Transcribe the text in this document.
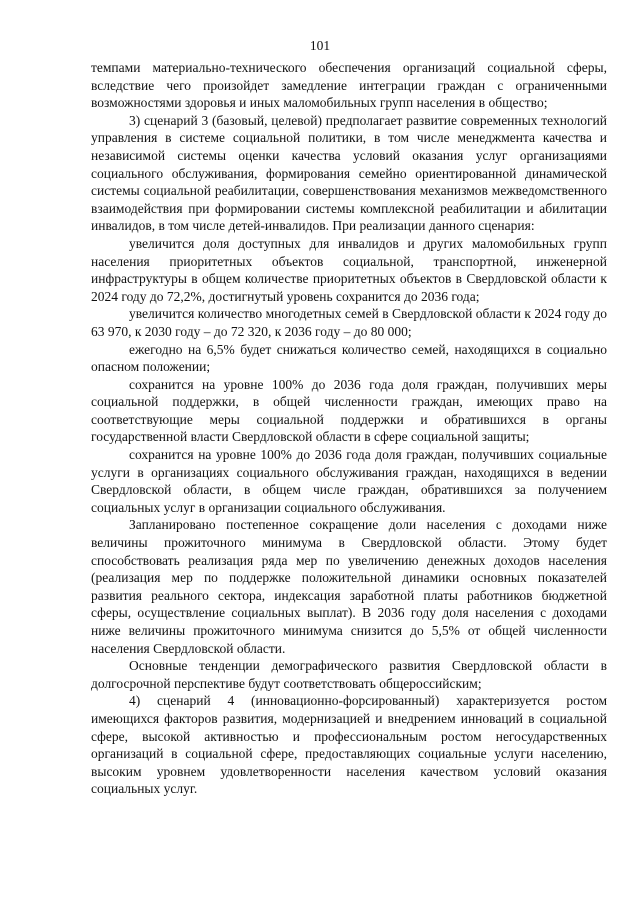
101

темпами материально-технического обеспечения организаций социальной сферы, вследствие чего произойдет замедление интеграции граждан с ограниченными возможностями здоровья и иных маломобильных групп населения в общество;

3) сценарий 3 (базовый, целевой) предполагает развитие современных технологий управления в системе социальной политики, в том числе менеджмента качества и независимой системы оценки качества условий оказания услуг организациями социального обслуживания, формирования семейно ориентированной динамической системы социальной реабилитации, совершенствования механизмов межведомственного взаимодействия при формировании системы комплексной реабилитации и абилитации инвалидов, в том числе детей-инвалидов. При реализации данного сценария:

увеличится доля доступных для инвалидов и других маломобильных групп населения приоритетных объектов социальной, транспортной, инженерной инфраструктуры в общем количестве приоритетных объектов в Свердловской области к 2024 году до 72,2%, достигнутый уровень сохранится до 2036 года;

увеличится количество многодетных семей в Свердловской области к 2024 году до 63 970, к 2030 году – до 72 320, к 2036 году – до 80 000;

ежегодно на 6,5% будет снижаться количество семей, находящихся в социально опасном положении;

сохранится на уровне 100% до 2036 года доля граждан, получивших меры социальной поддержки, в общей численности граждан, имеющих право на соответствующие меры социальной поддержки и обратившихся в органы государственной власти Свердловской области в сфере социальной защиты;

сохранится на уровне 100% до 2036 года доля граждан, получивших социальные услуги в организациях социального обслуживания граждан, находящихся в ведении Свердловской области, в общем числе граждан, обратившихся за получением социальных услуг в организации социального обслуживания.

Запланировано постепенное сокращение доли населения с доходами ниже величины прожиточного минимума в Свердловской области. Этому будет способствовать реализация ряда мер по увеличению денежных доходов населения (реализация мер по поддержке положительной динамики основных показателей развития реального сектора, индексация заработной платы работников бюджетной сферы, осуществление социальных выплат). В 2036 году доля населения с доходами ниже величины прожиточного минимума снизится до 5,5% от общей численности населения Свердловской области.

Основные тенденции демографического развития Свердловской области в долгосрочной перспективе будут соответствовать общероссийским;

4) сценарий 4 (инновационно-форсированный) характеризуется ростом имеющихся факторов развития, модернизацией и внедрением инноваций в социальной сфере, высокой активностью и профессиональным ростом негосударственных организаций в социальной сфере, предоставляющих социальные услуги населению, высоким уровнем удовлетворенности населения качеством условий оказания социальных услуг.
